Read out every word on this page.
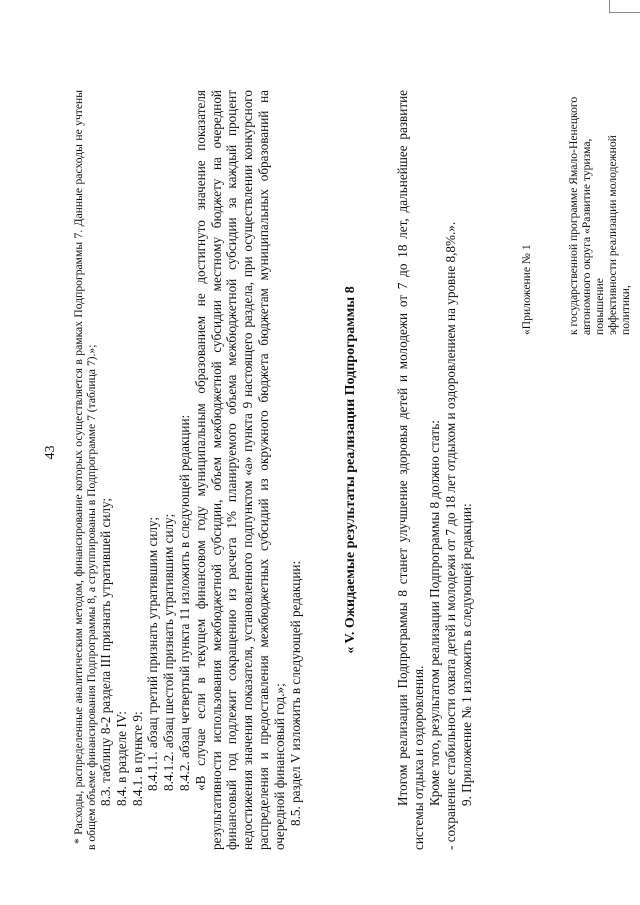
43 * Расходы, распределенные аналитическим методом, финансирование которых осуществляется в рамках Подпрограммы 7. Данные расходы не учтены в общем объеме финансирования Подпрограммы 8, а сгруппированы в Подпрограмме 7 (таблица 7).»; 8.3. таблицу 8-2 раздела III признать утратившей силу; 8.4. в разделе IV: 8.4.1. в пункте 9: 8.4.1.1. абзац третий признать утратившим силу; 8.4.1.2. абзац шестой признать утратившим силу; 8.4.2. абзац четвертый пункта 11 изложить в следующей редакции: «В случае если в текущем финансовом году муниципальным образованием не достигнуто значение показателя результативности использования межбюджетной субсидии, объем межбюджетной субсидии местному бюджету на очередной финансовый год подлежит сокращению из расчета 1% планируемого объема межбюджетной субсидии за каждый процент недостижения значения показателя, установленного подпунктом «а» пункта 9 настоящего раздела, при осуществлении конкурсного распределения и предоставления межбюджетных субсидий из окружного бюджета бюджетам муниципальных образований на очередной финансовый год.»; 8.5. раздел V изложить в следующей редакции:

« V. Ожидаемые результаты реализации Подпрограммы 8	Итогом реализации Подпрограммы 8 станет улучшение здоровья детей и молодежи от 7 до 18 лет, дальнейшее развитие системы отдыха и оздоровления. Кроме того, результатом реализации Подпрограммы 8 должно стать: - сохранение стабильности охвата детей и молодежи от 7 до 18 лет отдыхом и оздоровлением на уровне 8,8%.». 9. Приложение № 1 изложить в следующей редакции:

«Приложение № 1	к государственной программе Ямало-Ненецкого автономного округа «Развитие туризма, повышение эффективности реализации молодежной политики,
